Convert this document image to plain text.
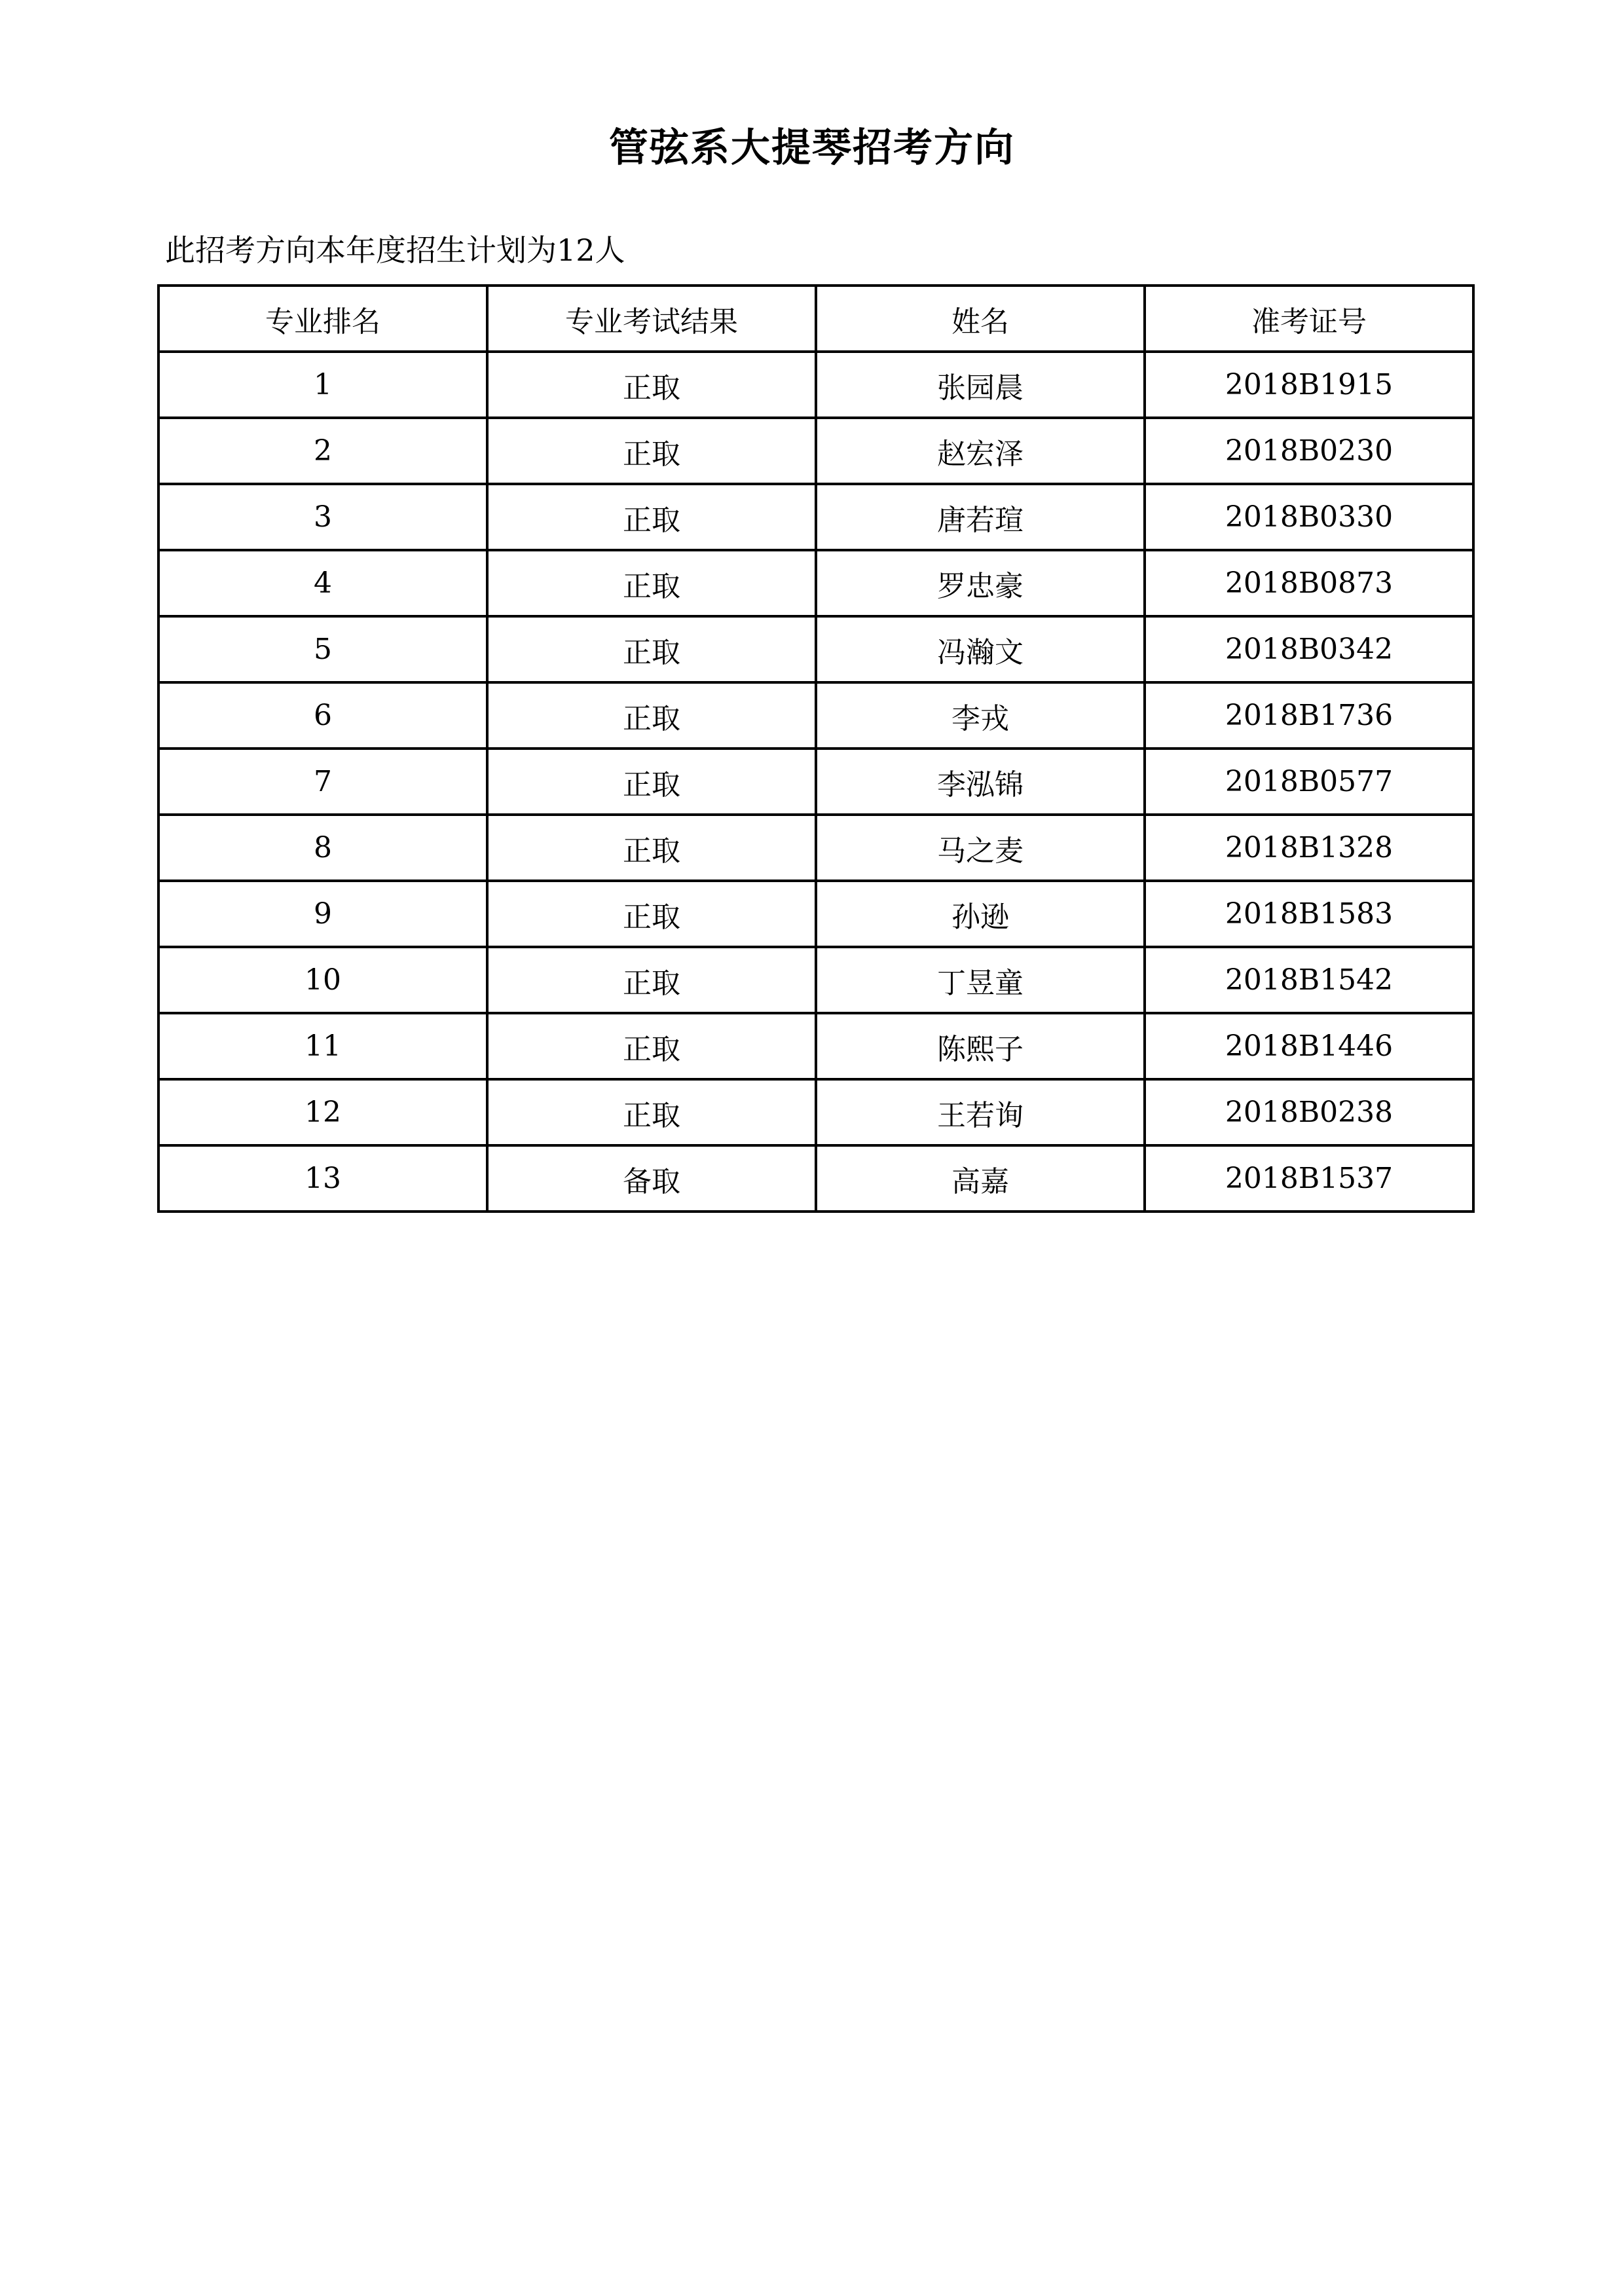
管弦系大提琴招考方向
此招考方向本年度招生计划为12人
专业排名	专业考试结果	姓名	准考证号
1	正取	张园晨	2018B1915
2	正取	赵宏泽	2018B0230
3	正取	唐若瑄	2018B0330
4	正取	罗忠豪	2018B0873
5	正取	冯瀚文	2018B0342
6	正取	李戎	2018B1736
7	正取	李泓锦	2018B0577
8	正取	马之麦	2018B1328
9	正取	孙逊	2018B1583
10	正取	丁昱童	2018B1542
11	正取	陈熙子	2018B1446
12	正取	王若询	2018B0238
13	备取	高嘉	2018B1537
